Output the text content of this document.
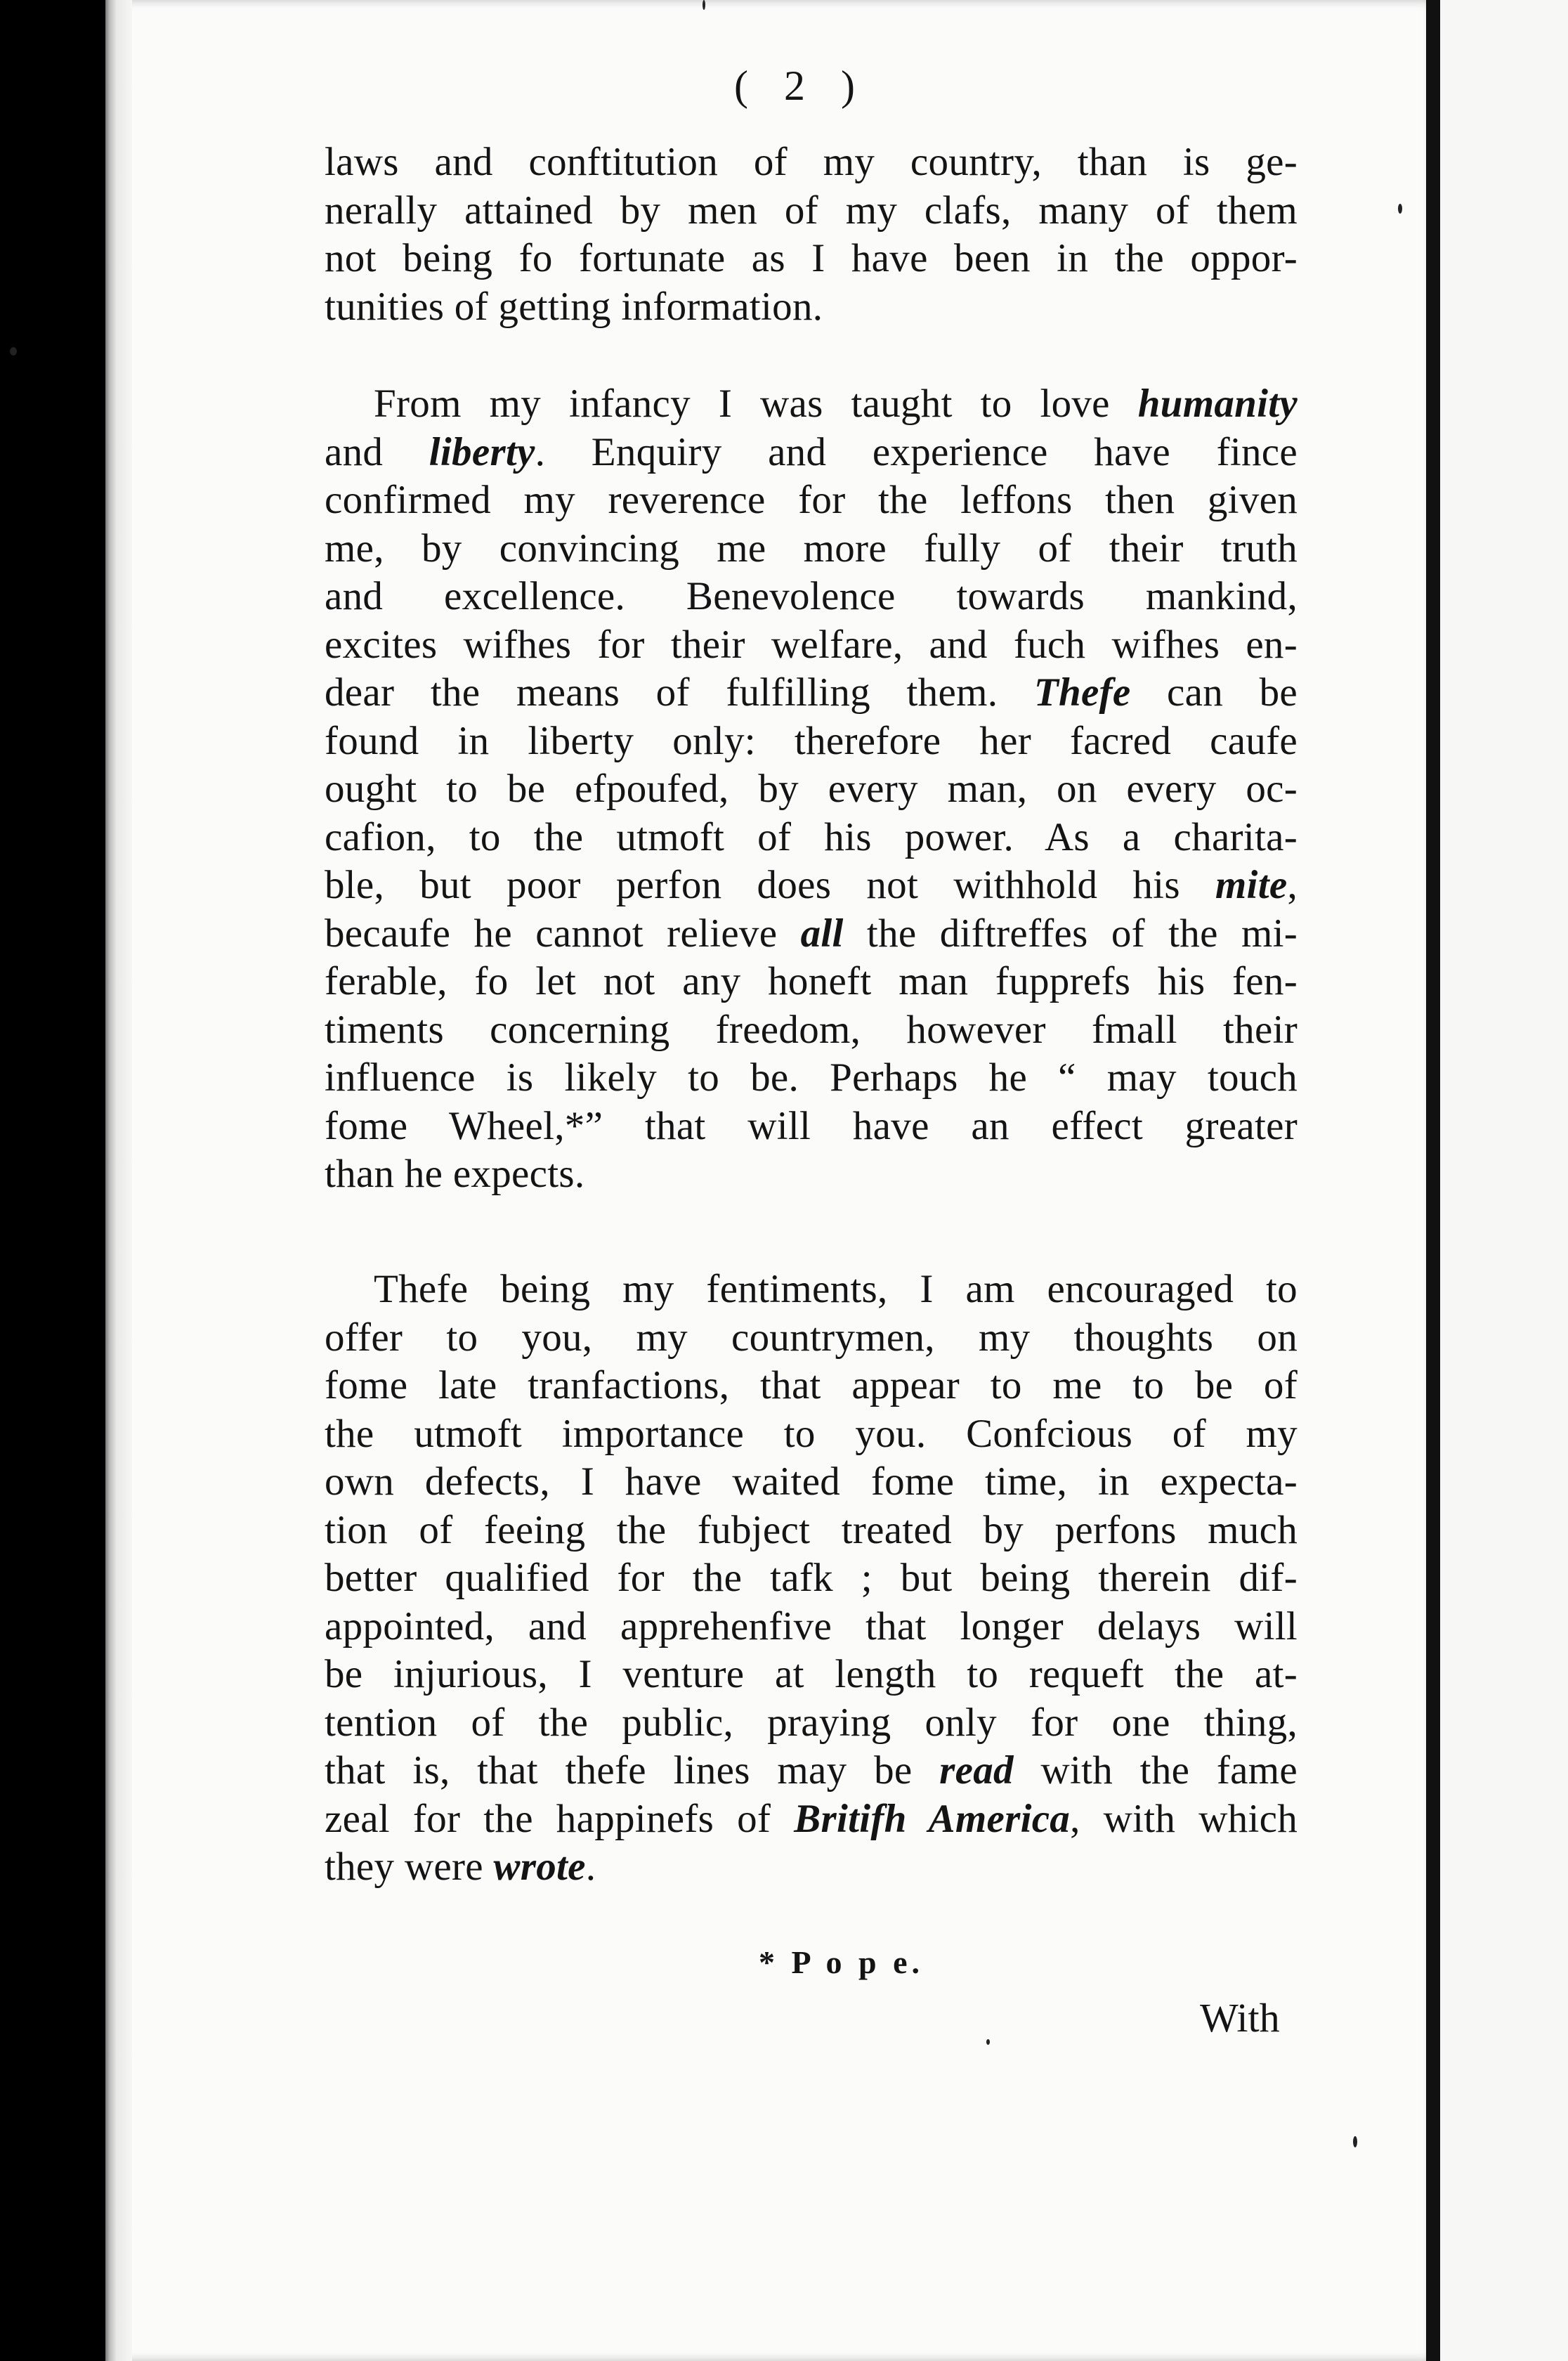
( 2 )
laws and conftitution of my country, than is ge-
nerally attained by men of my clafs, many of them
not being fo fortunate as I have been in the oppor-
tunities of getting information.
From my infancy I was taught to love humanity
and liberty. Enquiry and experience have fince
confirmed my reverence for the leffons then given
me, by convincing me more fully of their truth
and excellence. Benevolence towards mankind,
excites wifhes for their welfare, and fuch wifhes en-
dear the means of fulfilling them. Thefe can be
found in liberty only: therefore her facred caufe
ought to be efpoufed, by every man, on every oc-
cafion, to the utmoft of his power. As a charita-
ble, but poor perfon does not withhold his mite,
becaufe he cannot relieve all the diftreffes of the mi-
ferable, fo let not any honeft man fupprefs his fen-
timents concerning freedom, however fmall their
influence is likely to be. Perhaps he “ may touch
fome Wheel,*” that will have an effect greater
than he expects.
Thefe being my fentiments, I am encouraged to
offer to you, my countrymen, my thoughts on
fome late tranfactions, that appear to me to be of
the utmoft importance to you. Confcious of my
own defects, I have waited fome time, in expecta-
tion of feeing the fubject treated by perfons much
better qualified for the tafk ; but being therein dif-
appointed, and apprehenfive that longer delays will
be injurious, I venture at length to requeft the at-
tention of the public, praying only for one thing,
that is, that thefe lines may be read with the fame
zeal for the happinefs of Britifh America, with which
they were wrote.
* P o p e.
With
